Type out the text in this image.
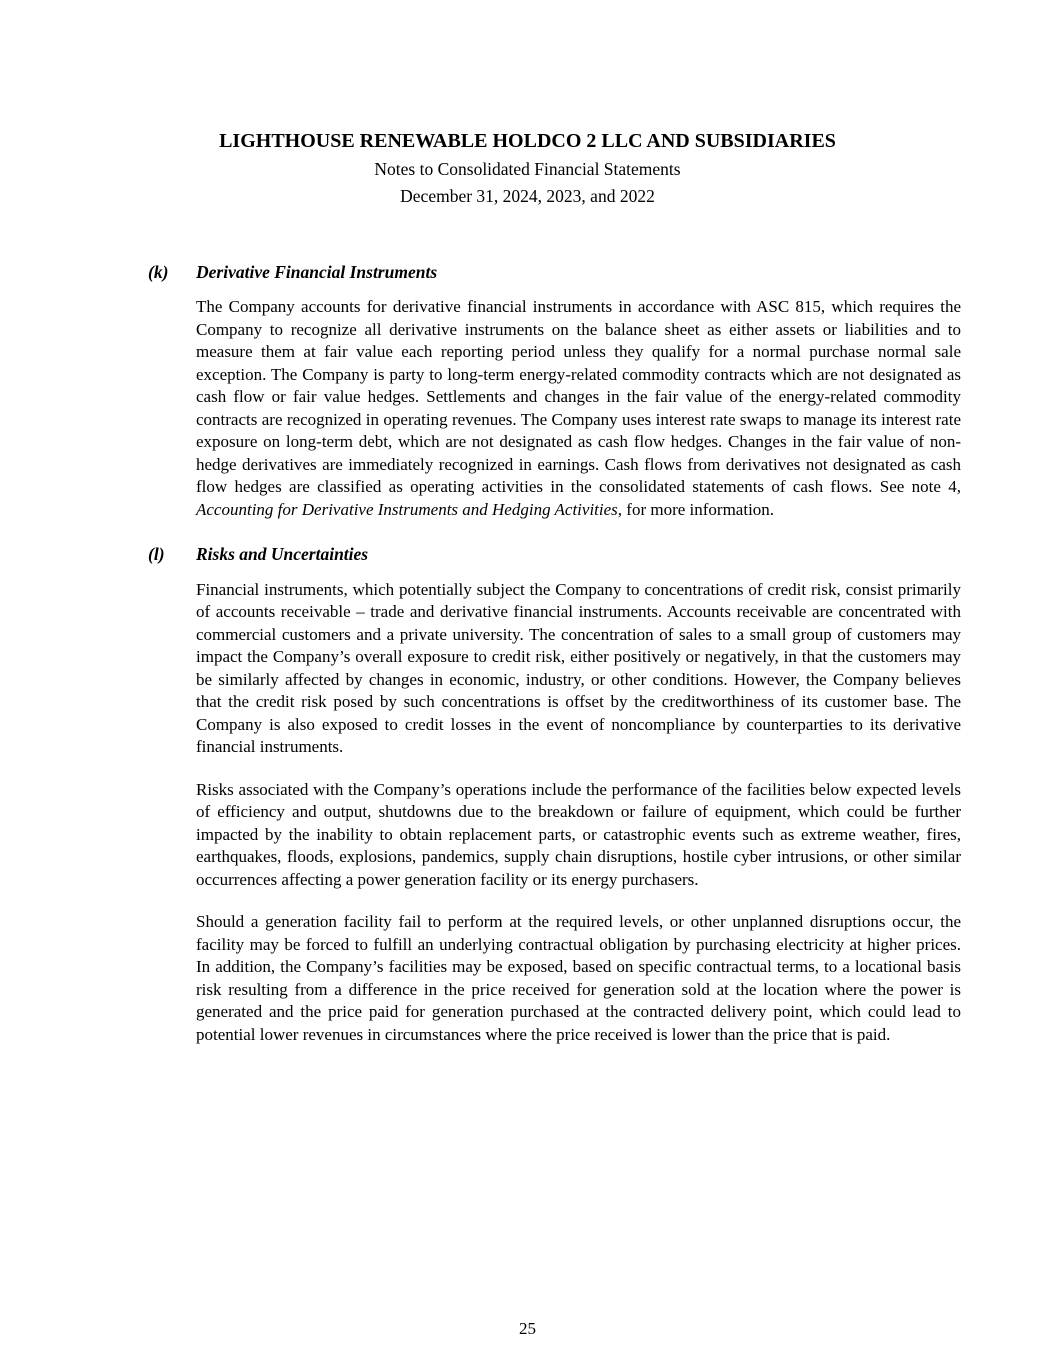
LIGHTHOUSE RENEWABLE HOLDCO 2 LLC AND SUBSIDIARIES
Notes to Consolidated Financial Statements
December 31, 2024, 2023, and 2022
(k)	Derivative Financial Instruments

The Company accounts for derivative financial instruments in accordance with ASC 815, which requires the Company to recognize all derivative instruments on the balance sheet as either assets or liabilities and to measure them at fair value each reporting period unless they qualify for a normal purchase normal sale exception. The Company is party to long-term energy-related commodity contracts which are not designated as cash flow or fair value hedges. Settlements and changes in the fair value of the energy-related commodity contracts are recognized in operating revenues. The Company uses interest rate swaps to manage its interest rate exposure on long-term debt, which are not designated as cash flow hedges. Changes in the fair value of non-hedge derivatives are immediately recognized in earnings. Cash flows from derivatives not designated as cash flow hedges are classified as operating activities in the consolidated statements of cash flows. See note 4, Accounting for Derivative Instruments and Hedging Activities, for more information.

(l)	Risks and Uncertainties

Financial instruments, which potentially subject the Company to concentrations of credit risk, consist primarily of accounts receivable – trade and derivative financial instruments. Accounts receivable are concentrated with commercial customers and a private university. The concentration of sales to a small group of customers may impact the Company’s overall exposure to credit risk, either positively or negatively, in that the customers may be similarly affected by changes in economic, industry, or other conditions. However, the Company believes that the credit risk posed by such concentrations is offset by the creditworthiness of its customer base. The Company is also exposed to credit losses in the event of noncompliance by counterparties to its derivative financial instruments.

Risks associated with the Company’s operations include the performance of the facilities below expected levels of efficiency and output, shutdowns due to the breakdown or failure of equipment, which could be further impacted by the inability to obtain replacement parts, or catastrophic events such as extreme weather, fires, earthquakes, floods, explosions, pandemics, supply chain disruptions, hostile cyber intrusions, or other similar occurrences affecting a power generation facility or its energy purchasers.

Should a generation facility fail to perform at the required levels, or other unplanned disruptions occur, the facility may be forced to fulfill an underlying contractual obligation by purchasing electricity at higher prices. In addition, the Company’s facilities may be exposed, based on specific contractual terms, to a locational basis risk resulting from a difference in the price received for generation sold at the location where the power is generated and the price paid for generation purchased at the contracted delivery point, which could lead to potential lower revenues in circumstances where the price received is lower than the price that is paid.

25
